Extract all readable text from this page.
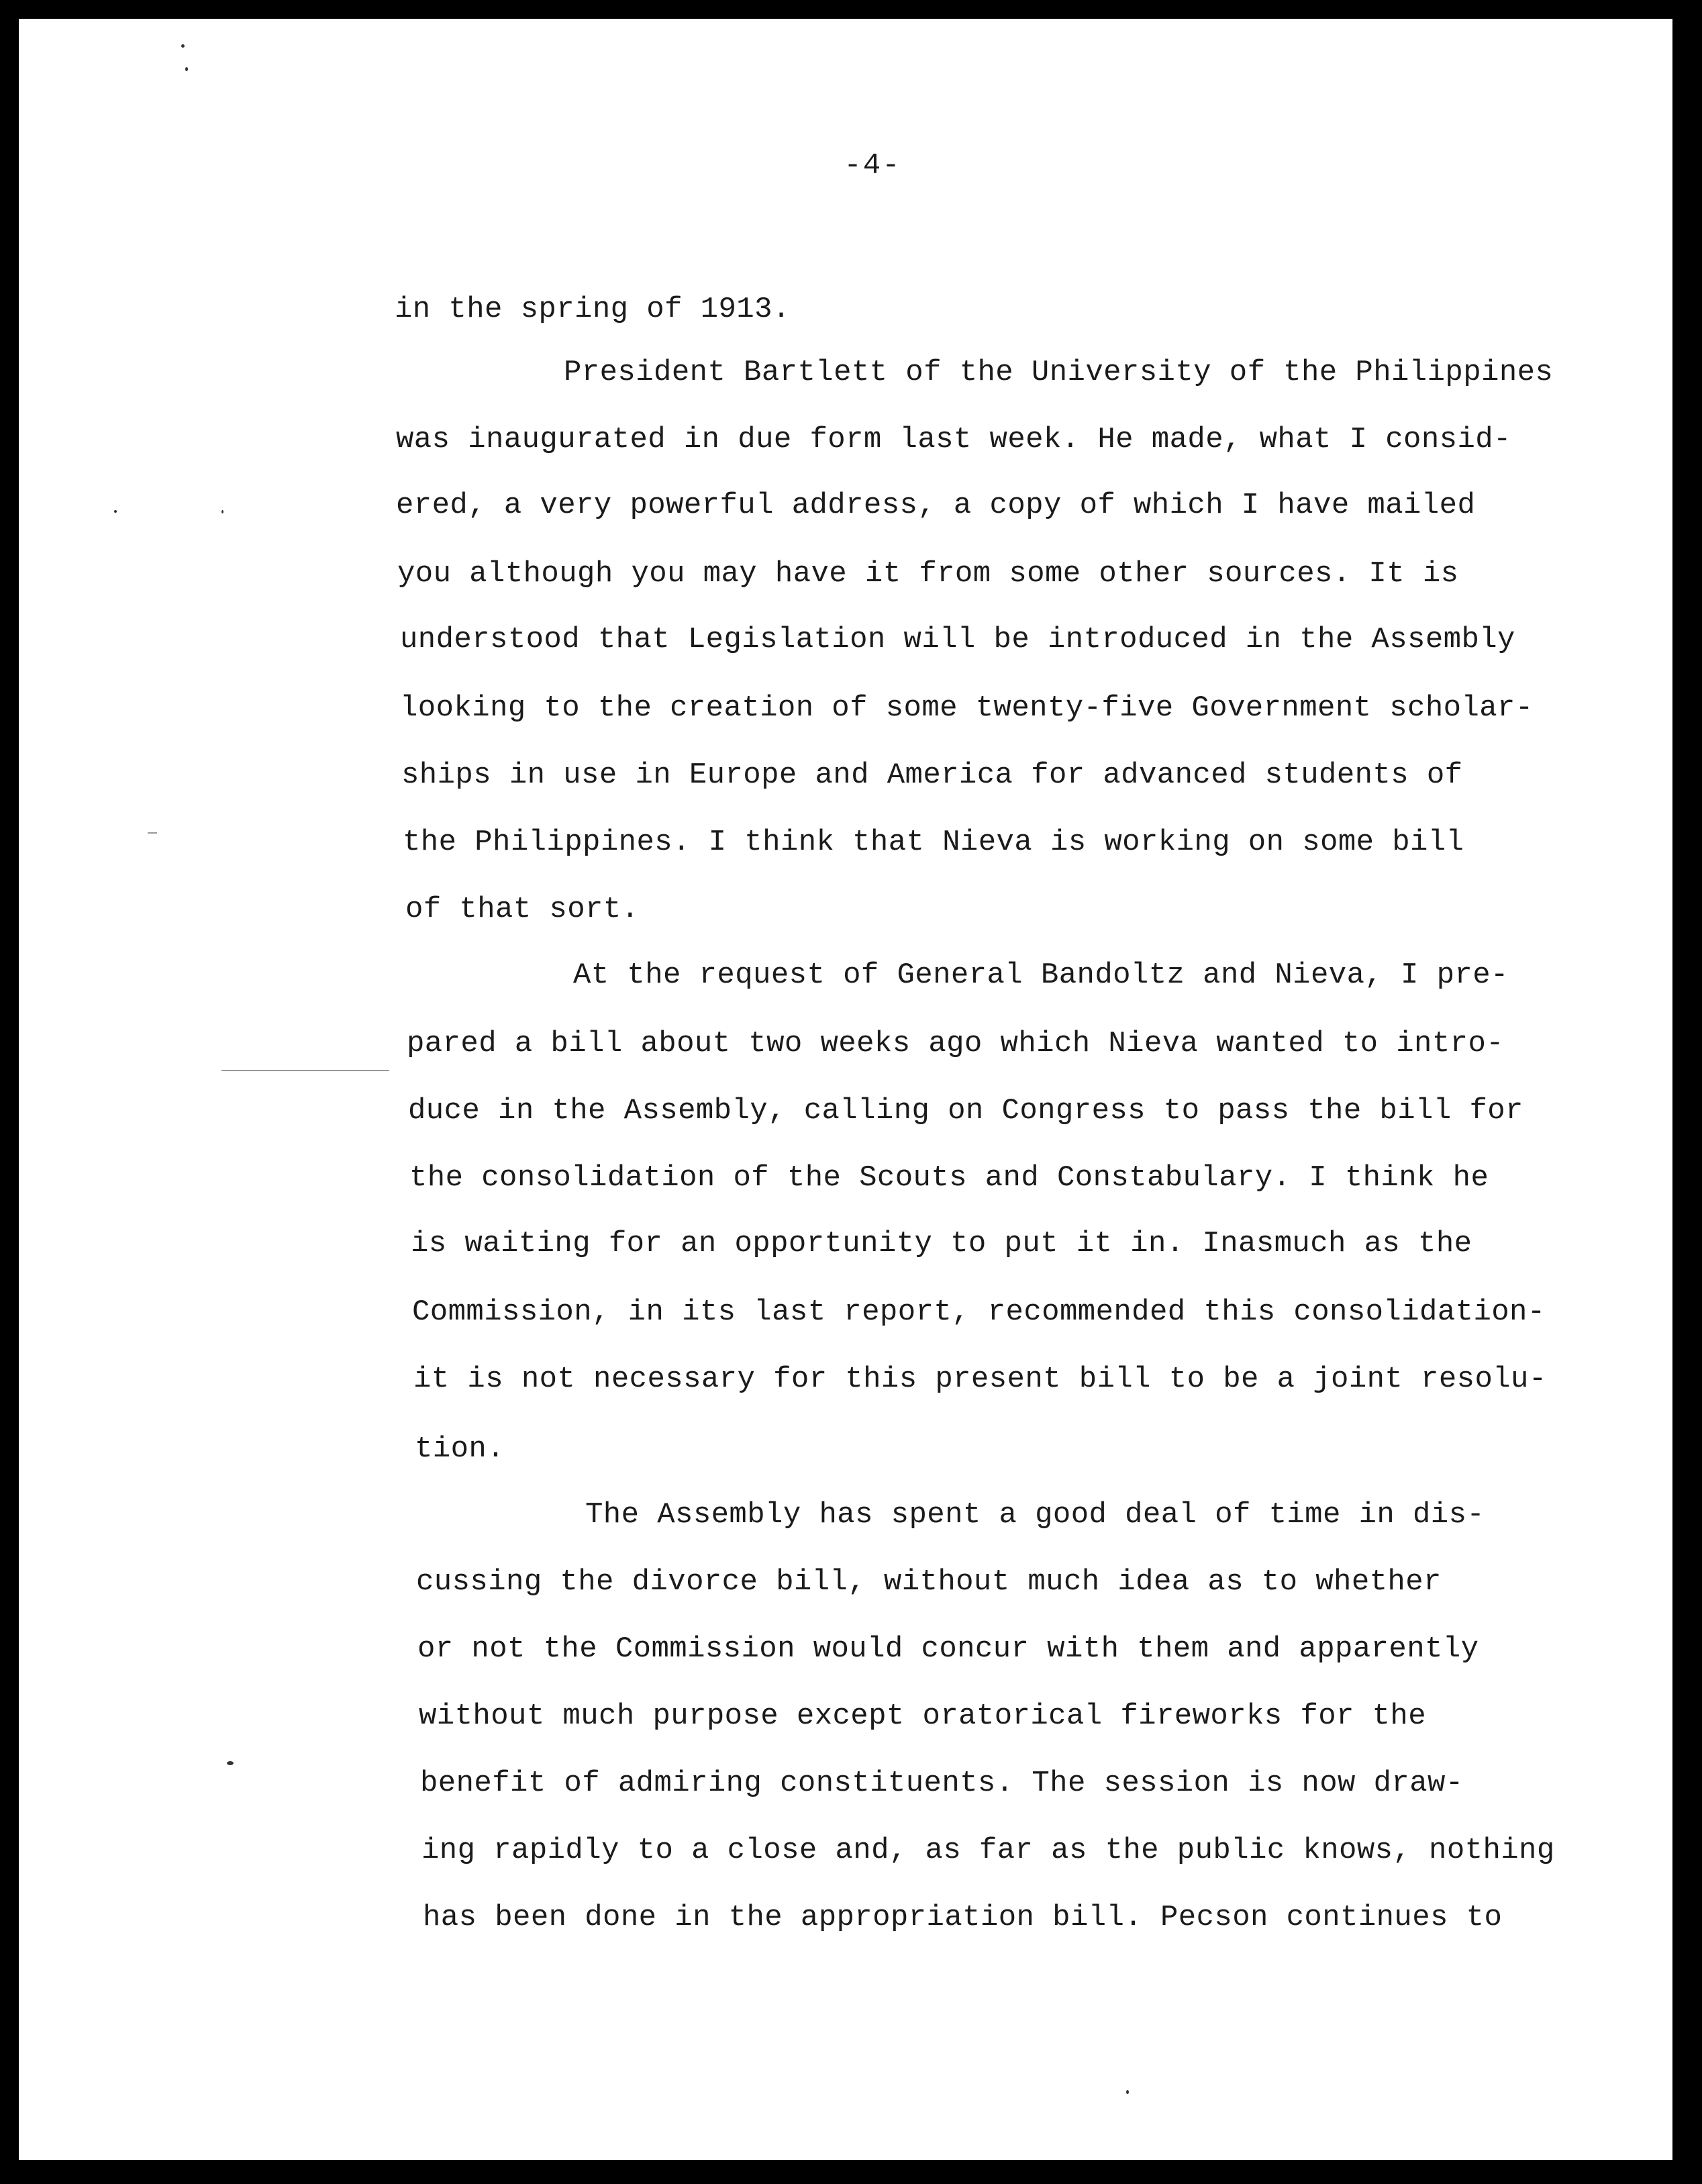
-4-
in the spring of 1913.
President Bartlett of the University of the Philippines
was inaugurated in due form last week. He made, what I consid-
ered, a very powerful address, a copy of which I have mailed
you although you may have it from some other sources. It is
understood that Legislation will be introduced in the Assembly
looking to the creation of some twenty-five Government scholar-
ships in use in Europe and America for advanced students of
the Philippines. I think that Nieva is working on some bill
of that sort.
At the request of General Bandoltz and Nieva, I pre-
pared a bill about two weeks ago which Nieva wanted to intro-
duce in the Assembly, calling on Congress to pass the bill for
the consolidation of the Scouts and Constabulary. I think he
is waiting for an opportunity to put it in. Inasmuch as the
Commission, in its last report, recommended this consolidation-
it is not necessary for this present bill to be a joint resolu-
tion.
The Assembly has spent a good deal of time in dis-
cussing the divorce bill, without much idea as to whether
or not the Commission would concur with them and apparently
without much purpose except oratorical fireworks for the
benefit of admiring constituents. The session is now draw-
ing rapidly to a close and, as far as the public knows, nothing
has been done in the appropriation bill. Pecson continues to
